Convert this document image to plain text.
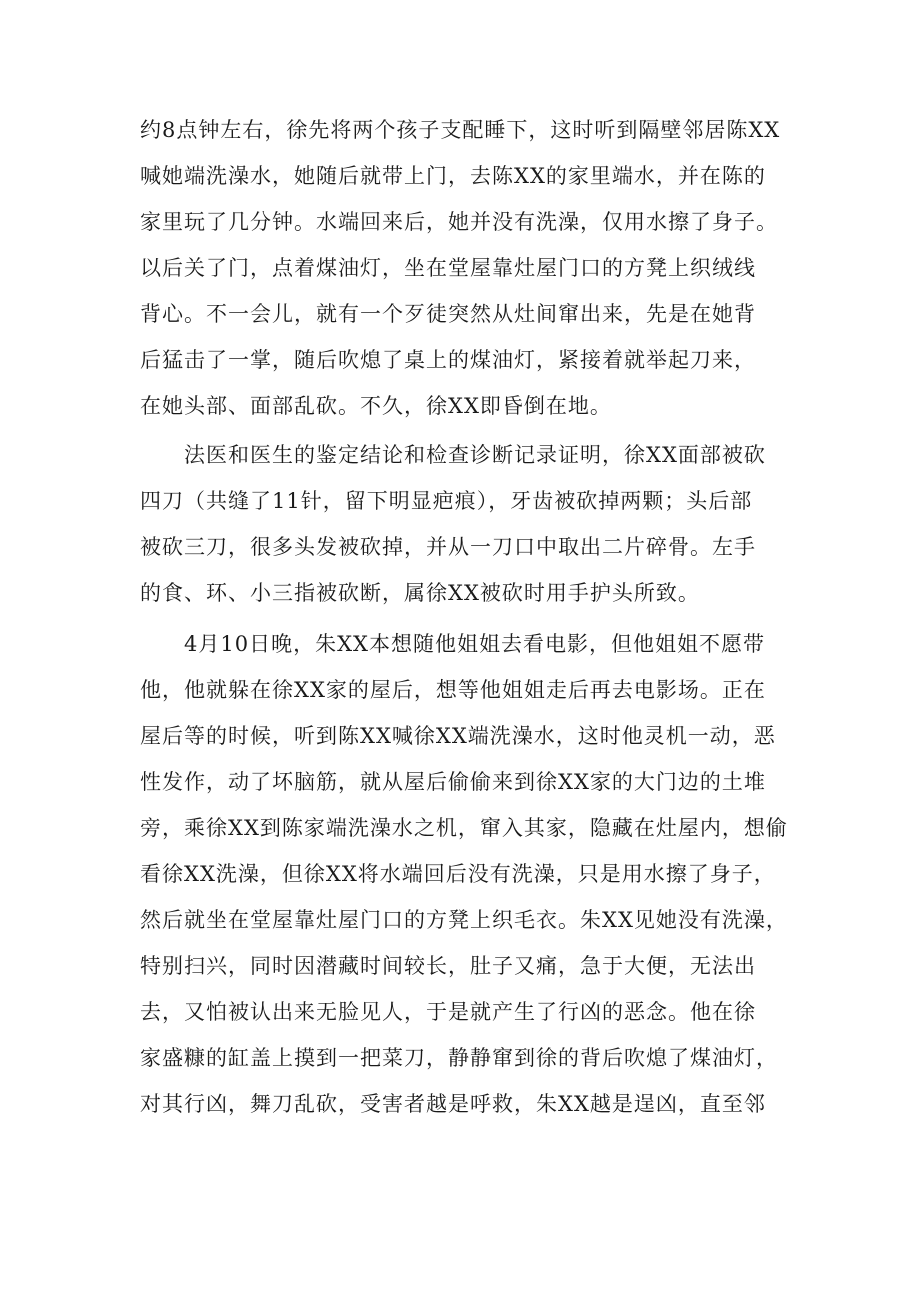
约8点钟左右，徐先将两个孩子支配睡下，这时听到隔壁邻居陈XX
喊她端洗澡水，她随后就带上门，去陈XX的家里端水，并在陈的
家里玩了几分钟。水端回来后，她并没有洗澡，仅用水擦了身子。
以后关了门，点着煤油灯，坐在堂屋靠灶屋门口的方凳上织绒线
背心。不一会儿，就有一个歹徒突然从灶间窜出来，先是在她背
后猛击了一掌，随后吹熄了桌上的煤油灯，紧接着就举起刀来，
在她头部、面部乱砍。不久，徐XX即昏倒在地。
　　法医和医生的鉴定结论和检查诊断记录证明，徐XX面部被砍
四刀（共缝了11针，留下明显疤痕），牙齿被砍掉两颗；头后部
被砍三刀，很多头发被砍掉，并从一刀口中取出二片碎骨。左手
的食、环、小三指被砍断，属徐XX被砍时用手护头所致。
　　4月10日晚，朱XX本想随他姐姐去看电影，但他姐姐不愿带
他，他就躲在徐XX家的屋后，想等他姐姐走后再去电影场。正在
屋后等的时候，听到陈XX喊徐XX端洗澡水，这时他灵机一动，恶
性发作，动了坏脑筋，就从屋后偷偷来到徐XX家的大门边的土堆
旁，乘徐XX到陈家端洗澡水之机，窜入其家，隐藏在灶屋内，想偷
看徐XX洗澡，但徐XX将水端回后没有洗澡，只是用水擦了身子，
然后就坐在堂屋靠灶屋门口的方凳上织毛衣。朱XX见她没有洗澡，
特别扫兴，同时因潜藏时间较长，肚子又痛，急于大便，无法出
去，又怕被认出来无脸见人，于是就产生了行凶的恶念。他在徐
家盛糠的缸盖上摸到一把菜刀，静静窜到徐的背后吹熄了煤油灯，
对其行凶，舞刀乱砍，受害者越是呼救，朱XX越是逞凶，直至邻
